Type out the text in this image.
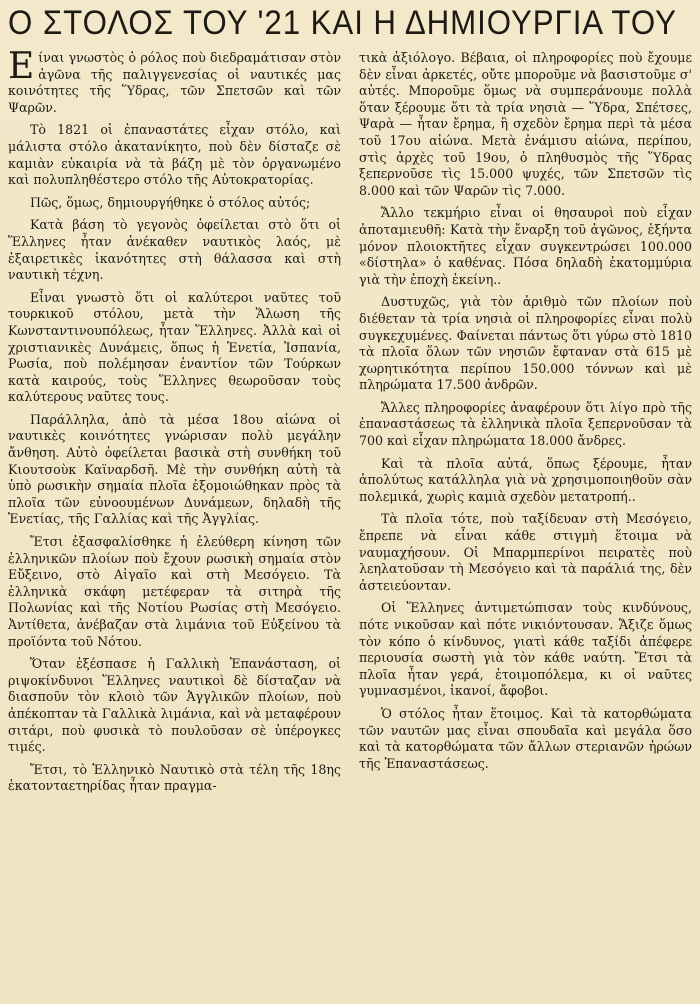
Ο ΣΤΟΛΟΣ ΤΟΥ '21 ΚΑΙ Η ΔΗΜΙΟΥΡΓΙΑ ΤΟΥ

Είναι γνωστὸς ὁ ρόλος ποὺ διεδραμάτισαν στὸν ἀγῶνα τῆς παλιγγενεσίας οἱ ναυτικές μας κοινότητες τῆς Ὕδρας, τῶν Σπετσῶν καὶ τῶν Ψαρῶν.

Τὸ 1821 οἱ ἐπαναστάτες εἶχαν στόλο, καὶ μάλιστα στόλο ἀκατανίκητο, ποὺ δὲν δίσταζε σὲ καμιὰν εὐκαιρία νὰ τὰ βάζη μὲ τὸν ὀργανωμένο καὶ πολυπληθέστερο στόλο τῆς Αὐτοκρατορίας.

Πῶς, ὅμως, δημιουργήθηκε ὁ στόλος αὐτός;

Κατὰ βάση τὸ γεγονὸς ὀφείλεται στὸ ὅτι οἱ Ἕλληνες ἦταν ἀνέκαθεν ναυτικὸς λαός, μὲ ἐξαιρετικὲς ἱκανότητες στὴ θάλασσα καὶ στὴ ναυτικὴ τέχνη.

Εἶναι γνωστὸ ὅτι οἱ καλύτεροι ναῦτες τοῦ τουρκικοῦ στόλου, μετὰ τὴν Ἅλωση τῆς Κωνσταντινουπόλεως, ἦταν Ἕλληνες. Ἀλλὰ καὶ οἱ χριστιανικὲς Δυνάμεις, ὅπως ἡ Ἑνετία, Ἱσπανία, Ρωσία, ποὺ πολέμησαν ἐναντίον τῶν Τούρκων κατὰ καιρούς, τοὺς Ἕλληνες θεωροῦσαν τοὺς καλύτερους ναῦτες τους.

Παράλληλα, ἀπὸ τὰ μέσα 18ου αἰώνα οἱ ναυτικὲς κοινότητες γνώρισαν πολὺ μεγάλην ἄνθηση. Αὐτὸ ὀφείλεται βασικὰ στὴ συνθήκη τοῦ Κιουτσοὺκ Καϊναρδσῆ. Μὲ τὴν συνθήκη αὐτὴ τὰ ὑπὸ ρωσικὴν σημαία πλοῖα ἐξομοιώθηκαν πρὸς τὰ πλοῖα τῶν εὐνοουμένων Δυνάμεων, δηλαδὴ τῆς Ἑνετίας, τῆς Γαλλίας καὶ τῆς Ἀγγλίας.

Ἔτσι ἐξασφαλίσθηκε ἡ ἐλεύθερη κίνηση τῶν ἑλληνικῶν πλοίων ποὺ ἔχουν ρωσικὴ σημαία στὸν Εὔξεινο, στὸ Αἰγαῖο καὶ στὴ Μεσόγειο. Τὰ ἑλληνικὰ σκάφη μετέφεραν τὰ σιτηρὰ τῆς Πολωνίας καὶ τῆς Νοτίου Ρωσίας στὴ Μεσόγειο. Ἀντίθετα, ἀνέβαζαν στὰ λιμάνια τοῦ Εὐξείνου τὰ προϊόντα τοῦ Νότου.

Ὅταν ἐξέσπασε ἡ Γαλλικὴ Ἐπανάσταση, οἱ ριψοκίνδυνοι Ἕλληνες ναυτικοὶ δὲ δίσταζαν νὰ διασποῦν τὸν κλοιὸ τῶν Ἀγγλικῶν πλοίων, ποὺ ἀπέκοπταν τὰ Γαλλικὰ λιμάνια, καὶ νὰ μεταφέρουν σιτάρι, ποὺ φυσικὰ τὸ πουλοῦσαν σὲ ὑπέρογκες τιμές.

Ἔτσι, τὸ Ἑλληνικὸ Ναυτικὸ στὰ τέλη τῆς 18ης ἑκατονταετηρίδας ἦταν πραγμα-

τικὰ ἀξιόλογο. Βέβαια, οἱ πληροφορίες ποὺ ἔχουμε δὲν εἶναι ἀρκετές, οὔτε μποροῦμε νὰ βασιστοῦμε σ' αὐτές. Μποροῦμε ὅμως νὰ συμπεράνουμε πολλὰ ὅταν ξέρουμε ὅτι τὰ τρία νησιὰ — Ὕδρα, Σπέτσες, Ψαρὰ — ἦταν ἔρημα, ἢ σχεδὸν ἔρημα περὶ τὰ μέσα τοῦ 17ου αἰώνα. Μετὰ ἐνάμισυ αἰώνα, περίπου, στὶς ἀρχὲς τοῦ 19ου, ὁ πληθυσμὸς τῆς Ὕδρας ξεπερνοῦσε τὶς 15.000 ψυχές, τῶν Σπετσῶν τὶς 8.000 καὶ τῶν Ψαρῶν τὶς 7.000.

Ἄλλο τεκμήριο εἶναι οἱ θησαυροὶ ποὺ εἶχαν ἀποταμιευθῆ: Κατὰ τὴν ἔναρξη τοῦ ἀγῶνος, ἑξήντα μόνον πλοιοκτῆτες εἶχαν συγκεντρώσει 100.000 «δίστηλα» ὁ καθένας. Πόσα δηλαδὴ ἑκατομμύρια γιὰ τὴν ἐποχὴ ἐκείνη..

Δυστυχῶς, γιὰ τὸν ἀριθμὸ τῶν πλοίων ποὺ διέθεταν τὰ τρία νησιὰ οἱ πληροφορίες εἶναι πολὺ συγκεχυμένες. Φαίνεται πάντως ὅτι γύρω στὸ 1810 τὰ πλοῖα ὅλων τῶν νησιῶν ἔφταναν στὰ 615 μὲ χωρητικότητα περίπου 150.000 τόννων καὶ μὲ πληρώματα 17.500 ἀνδρῶν.

Ἄλλες πληροφορίες ἀναφέρουν ὅτι λίγο πρὸ τῆς ἐπαναστάσεως τὰ ἑλληνικὰ πλοῖα ξεπερνοῦσαν τὰ 700 καὶ εἶχαν πληρώματα 18.000 ἄνδρες.

Καὶ τὰ πλοῖα αὐτά, ὅπως ξέρουμε, ἦταν ἀπολύτως κατάλληλα γιὰ νὰ χρησιμοποιηθοῦν σὰν πολεμικά, χωρὶς καμιὰ σχεδὸν μετατροπή..

Τὰ πλοῖα τότε, ποὺ ταξίδευαν στὴ Μεσόγειο, ἔπρεπε νὰ εἶναι κάθε στιγμὴ ἕτοιμα νὰ ναυμαχήσουν. Οἱ Μπαρμπερίνοι πειρατὲς ποὺ λεηλατοῦσαν τὴ Μεσόγειο καὶ τὰ παράλιά της, δὲν ἀστειεύονταν.

Οἱ Ἕλληνες ἀντιμετώπισαν τοὺς κινδύνους, πότε νικοῦσαν καὶ πότε νικιόντουσαν. Ἄξιζε ὅμως τὸν κόπο ὁ κίνδυνος, γιατὶ κάθε ταξίδι ἀπέφερε περιουσία σωστὴ γιὰ τὸν κάθε ναύτη. Ἔτσι τὰ πλοῖα ἦταν γερά, ἑτοιμοπόλεμα, κι οἱ ναῦτες γυμνασμένοι, ἱκανοί, ἄφοβοι.

Ὁ στόλος ἦταν ἕτοιμος. Καὶ τὰ κατορθώματα τῶν ναυτῶν μας εἶναι σπουδαῖα καὶ μεγάλα ὅσο καὶ τὰ κατορθώματα τῶν ἄλλων στεριανῶν ἡρώων τῆς Ἐπαναστάσεως.
